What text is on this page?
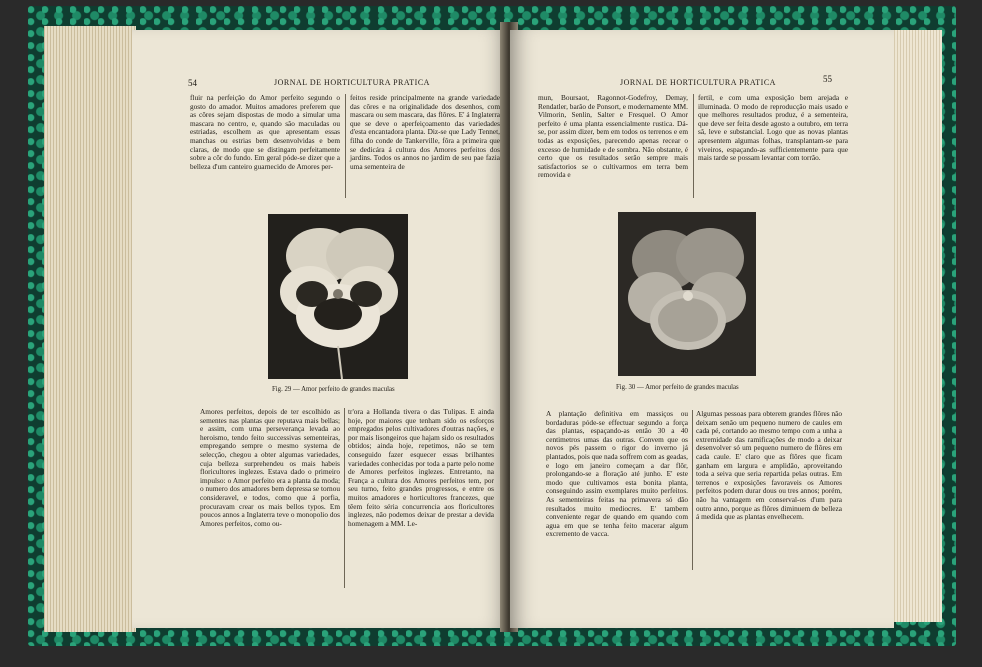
54	JORNAL DE HORTICULTURA PRATICA

fluir na perfeição do Amor perfeito segundo o gosto do amador. Muitos amadores preferem que as côres sejam dispostas de modo a simular uma mascara no centro, e, quando são maculadas ou estriadas, escolhem as que apresentam essas manchas ou estrias bem desenvolvidas e bem claras, de modo que se distingam perfeitamente sobre a côr do fundo. Em geral póde-se dizer que a belleza d'um canteiro guarnecido de Amores per-

feitos reside principalmente na grande variedade das côres e na originalidade dos desenhos, com mascara ou sem mascara, das flôres. E' á Inglaterra que se deve o aperfeiçoamento das variedades d'esta encantadora planta. Diz-se que Lady Tennet, filha do conde de Tankerville, fôra a primeira que se dedicára á cultura dos Amores perfeitos dos jardins. Todos os annos no jardim de seu pae fazia uma sementeira de

Fig. 29 — Amor perfeito de grandes maculas

Amores perfeitos, depois de ter escolhido as sementes nas plantas que reputava mais bellas; e assim, com uma perseverança levada ao heroismo, tendo feito successivas sementeiras, empregando sempre o mesmo systema de selecção, chegou a obter algumas variedades, cuja belleza surprehendeu os mais habeis floricultores inglezes. Estava dado o primeiro impulso: o Amor perfeito era a planta da moda; o numero dos amadores bem depressa se tornou consideravel, e todos, como que á porfia, procuravam crear os mais bellos typos. Em poucos annos a Inglaterra teve o monopolio dos Amores perfeitos, como ou-

tr'ora a Hollanda tivera o das Tulipas. E ainda hoje, por maiores que tenham sido os esforços empregados pelos cultivadores d'outras nações, e por mais lisongeiros que hajam sido os resultados obtidos; ainda hoje, repetimos, não se tem conseguido fazer esquecer essas brilhantes variedades conhecidas por toda a parte pelo nome de Amores perfeitos inglezes. Entretanto, na França a cultura dos Amores perfeitos tem, por seu turno, feito grandes progressos, e entre os muitos amadores e horticultores francezes, que têem feito séria concurrencia aos floricultores inglezes, não podemos deixar de prestar a devida homenagem a MM. Le-

JORNAL DE HORTICULTURA PRATICA	55

mun, Boursaot, Ragonnot-Godefroy, Demay, Rendatler, barão de Ponsort, e modernamente MM. Vilmorin, Senlin, Salter e Fresquel. O Amor perfeito é uma planta essencialmente rustica. Dá-se, por assim dizer, bem em todos os terrenos e em todas as exposições, parecendo apenas recear o excesso de humidade e de sombra. Não obstante, é certo que os resultados serão sempre mais satisfactorios se o cultivarmos em terra bem removida e

fertil, e com uma exposição bem arejada e illuminada. O modo de reproducção mais usado e que melhores resultados produz, é a sementeira, que deve ser feita desde agosto a outubro, em terra sã, leve e substancial. Logo que as novas plantas apresentem algumas folhas, transplantam-se para viveiros, espaçando-as sufficientemente para que mais tarde se possam levantar com torrão.

Fig. 30 — Amor perfeito de grandes maculas

A plantação definitiva em massiços ou bordaduras póde-se effectuar segundo a força das plantas, espaçando-as então 30 a 40 centimetros umas das outras. Convem que os novos pés passem o rigor do inverno já plantados, pois que nada soffrem com as geadas, e logo em janeiro começam a dar flôr, prolongando-se a floração até junho. E' este modo que cultivamos esta bonita planta, conseguindo assim exemplares muito perfeitos. As sementeiras feitas na primavera só dão resultados muito mediocres. E' tambem conveniente regar de quando em quando com agua em que se tenha feito macerar algum excremento de vacca.

Algumas pessoas para obterem grandes flôres não deixam senão um pequeno numero de caules em cada pé, cortando ao mesmo tempo com a unha a extremidade das ramificações de modo a deixar desenvolver só um pequeno numero de flôres em cada caule. E' claro que as flôres que ficam ganham em largura e amplidão, aproveitando toda a seiva que seria repartida pelas outras. Em terrenos e exposições favoraveis os Amores perfeitos podem durar dous ou tres annos; porém, não ha vantagem em conserval-os d'um para outro anno, porque as flôres diminuem de belleza á medida que as plantas envelhecem.
